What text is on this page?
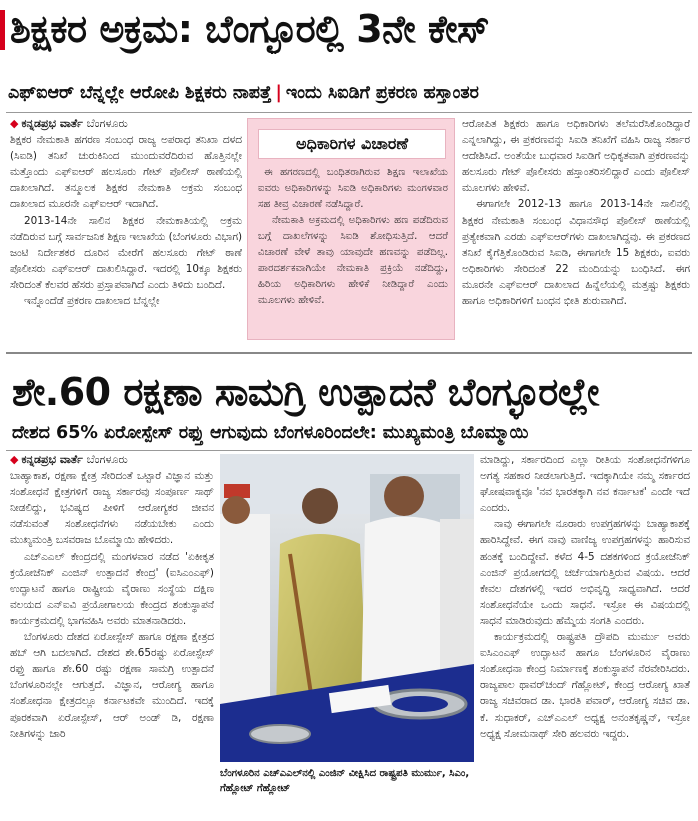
ಶಿಕ್ಷಕರ ಅಕ್ರಮ: ಬೆಂಗ್ಳೂರಲ್ಲಿ 3ನೇ ಕೇಸ್
ಎಫ್‌ಐಆರ್ ಬೆನ್ನಲ್ಲೇ ಆರೋಪಿ ಶಿಕ್ಷಕರು ನಾಪತ್ತೆ | ಇಂದು ಸಿಐಡಿಗೆ ಪ್ರಕರಣ ಹಸ್ತಾಂತರ

◆ ಕನ್ನಡಪ್ರಭ ವಾರ್ತೆ ಬೆಂಗಳೂರು

ಶಿಕ್ಷಕರ ನೇಮಕಾತಿ ಹಗರಣ ಸಂಬಂಧ ರಾಜ್ಯ ಅಪರಾಧ ತನಿಖಾ ದಳದ (ಸಿಐಡಿ) ತನಿಖೆ ಚುರುಕಿನಿಂದ ಮುಂದುವರೆದಿರುವ ಹೊತ್ತಿನಲ್ಲೇ ಮತ್ತೊಂದು ಎಫ್‌ಐಆರ್ ಹಲಸೂರು ಗೇಟ್ ಪೊಲೀಸ್ ಠಾಣೆಯಲ್ಲಿ ದಾಖಲಾಗಿದೆ. ತನ್ಮೂಲಕ ಶಿಕ್ಷಕರ ನೇಮಕಾತಿ ಅಕ್ರಮ ಸಂಬಂಧ ದಾಖಲಾದ ಮೂರನೇ ಎಫ್‌ಐಆರ್ ಇದಾಗಿದೆ.

2013-14ನೇ ಸಾಲಿನ ಶಿಕ್ಷಕರ ನೇಮಕಾತಿಯಲ್ಲಿ ಅಕ್ರಮ ನಡೆದಿರುವ ಬಗ್ಗೆ ಸಾರ್ವಜನಿಕ ಶಿಕ್ಷಣ ಇಲಾಖೆಯ (ಬೆಂಗಳೂರು ವಿಭಾಗ) ಜಂಟಿ ನಿರ್ದೇಶಕರ ದೂರಿನ ಮೇರೆಗೆ ಹಲಸೂರು ಗೇಟ್ ಠಾಣೆ ಪೊಲೀಸರು ಎಫ್‌ಐಆರ್ ದಾಖಲಿಸಿದ್ದಾರೆ. ಇದರಲ್ಲಿ 10ಕ್ಕೂ ಶಿಕ್ಷಕರು ಸೇರಿದಂತೆ ಕೆಲವರ ಹೆಸರು ಪ್ರಸ್ತಾಪವಾಗಿದೆ ಎಂದು ತಿಳಿದು ಬಂದಿದೆ.

ಇನ್ನೊಂದೆಡೆ ಪ್ರಕರಣ ದಾಖಲಾದ ಬೆನ್ನಲ್ಲೇ

ಅಧಿಕಾರಿಗಳ ವಿಚಾರಣೆ

ಈ ಹಗರಣದಲ್ಲಿ ಬಂಧಿತರಾಗಿರುವ ಶಿಕ್ಷಣ ಇಲಾಖೆಯ ಐವರು ಅಧಿಕಾರಿಗಳನ್ನು ಸಿಐಡಿ ಅಧಿಕಾರಿಗಳು ಮಂಗಳವಾರ ಸಹ ತೀವ್ರ ವಿಚಾರಣೆ ನಡೆಸಿದ್ದಾರೆ.

ನೇಮಕಾತಿ ಅಕ್ರಮದಲ್ಲಿ ಅಧಿಕಾರಿಗಳು ಹಣ ಪಡೆದಿರುವ ಬಗ್ಗೆ ದಾಖಲೆಗಳನ್ನು ಸಿಐಡಿ ಶೋಧಿಸುತ್ತಿದೆ. ಆದರೆ ವಿಚಾರಣೆ ವೇಳೆ ತಾವು ಯಾವುದೇ ಹಣವನ್ನು ಪಡೆದಿಲ್ಲ. ಪಾರದರ್ಶಕವಾಗಿಯೇ ನೇಮಕಾತಿ ಪ್ರಕ್ರಿಯೆ ನಡೆದಿದ್ದು, ಹಿರಿಯ ಅಧಿಕಾರಿಗಳು ಹೇಳಿಕೆ ನೀಡಿದ್ದಾರೆ ಎಂದು ಮೂಲಗಳು ಹೇಳಿವೆ.

ಆರೋಪಿತ ಶಿಕ್ಷಕರು ಹಾಗೂ ಅಧಿಕಾರಿಗಳು ತಲೆಮರೆಸಿಕೊಂಡಿದ್ದಾರೆ ಎನ್ನಲಾಗಿದ್ದು, ಈ ಪ್ರಕರಣವನ್ನು ಸಿಐಡಿ ತನಿಖೆಗೆ ವಹಿಸಿ ರಾಜ್ಯ ಸರ್ಕಾರ ಆದೇಶಿಸಿದೆ. ಅಂತೆಯೇ ಬುಧವಾರ ಸಿಐಡಿಗೆ ಅಧಿಕೃತವಾಗಿ ಪ್ರಕರಣವನ್ನು ಹಲಸೂರು ಗೇಟ್ ಪೊಲೀಸರು ಹಸ್ತಾಂತರಿಸಲಿದ್ದಾರೆ ಎಂದು ಪೊಲೀಸ್ ಮೂಲಗಳು ಹೇಳಿವೆ.

ಈಗಾಗಲೇ 2012-13 ಹಾಗೂ 2013-14ನೇ ಸಾಲಿನಲ್ಲಿ ಶಿಕ್ಷಕರ ನೇಮಕಾತಿ ಸಂಬಂಧ ವಿಧಾನಸೌಧ ಪೊಲೀಸ್ ಠಾಣೆಯಲ್ಲಿ ಪ್ರತ್ಯೇಕವಾಗಿ ಎರಡು ಎಫ್‌ಐಆರ್‌ಗಳು ದಾಖಲಾಗಿದ್ದವು. ಈ ಪ್ರಕರಣದ ತನಿಖೆ ಕೈಗೆತ್ತಿಕೊಂಡಿರುವ ಸಿಐಡಿ, ಈಗಾಗಲೇ 15 ಶಿಕ್ಷಕರು, ಐವರು ಅಧಿಕಾರಿಗಳು ಸೇರಿದಂತೆ 22 ಮಂದಿಯನ್ನು ಬಂಧಿಸಿದೆ. ಈಗ ಮೂರನೇ ಎಫ್‌ಐಆರ್ ದಾಖಲಾದ ಹಿನ್ನೆಲೆಯಲ್ಲಿ ಮತ್ತಷ್ಟು ಶಿಕ್ಷಕರು ಹಾಗೂ ಅಧಿಕಾರಿಗಳಿಗೆ ಬಂಧನ ಭೀತಿ ಶುರುವಾಗಿದೆ.

ಶೇ.60 ರಕ್ಷಣಾ ಸಾಮಗ್ರಿ ಉತ್ಪಾದನೆ ಬೆಂಗ್ಳೂರಲ್ಲೇ
ದೇಶದ 65% ಏರೋಸ್ಪೇಸ್ ರಫ್ತು ಆಗುವುದು ಬೆಂಗಳೂರಿಂದಲೇ: ಮುಖ್ಯಮಂತ್ರಿ ಬೊಮ್ಮಾಯಿ

◆ ಕನ್ನಡಪ್ರಭ ವಾರ್ತೆ ಬೆಂಗಳೂರು

ಬಾಹ್ಯಾಕಾಶ, ರಕ್ಷಣಾ ಕ್ಷೇತ್ರ ಸೇರಿದಂತೆ ಒಟ್ಟಾರೆ ವಿಜ್ಞಾನ ಮತ್ತು ಸಂಶೋಧನೆ ಕ್ಷೇತ್ರಗಳಿಗೆ ರಾಜ್ಯ ಸರ್ಕಾರವು ಸಂಪೂರ್ಣ ಸಾಥ್ ನೀಡಲಿದ್ದು, ಭವಿಷ್ಯದ ಪೀಳಿಗೆ ಆರೋಗ್ಯಕರ ಜೀವನ ನಡೆಸುವಂತೆ ಸಂಶೋಧನೆಗಳು ನಡೆಯಬೇಕು ಎಂದು ಮುಖ್ಯಮಂತ್ರಿ ಬಸವರಾಜ ಬೊಮ್ಮಾಯಿ ಹೇಳಿದರು.

ಎಚ್‌ಎಎಲ್ ಕೇಂದ್ರದಲ್ಲಿ ಮಂಗಳವಾರ ನಡೆದ 'ಏಕೀಕೃತ ಕ್ರಯೋಜೆನಿಕ್ ಎಂಜಿನ್ ಉತ್ಪಾದನೆ ಕೇಂದ್ರ' (ಐಸಿಎಂಎಫ್) ಉದ್ಘಾಟನೆ ಹಾಗೂ ರಾಷ್ಟ್ರೀಯ ವೈರಾಣು ಸಂಸ್ಥೆಯ ದಕ್ಷಿಣ ವಲಯದ ಎನ್‌ಐವಿ ಪ್ರಯೋಗಾಲಯ ಕೇಂದ್ರದ ಶಂಕುಸ್ಥಾಪನೆ ಕಾರ್ಯಕ್ರಮದಲ್ಲಿ ಭಾಗವಹಿಸಿ ಅವರು ಮಾತನಾಡಿದರು.

ಬೆಂಗಳೂರು ದೇಶದ ಏರೋಸ್ಪೇಸ್ ಹಾಗೂ ರಕ್ಷಣಾ ಕ್ಷೇತ್ರದ ಹಬ್ ಆಗಿ ಬದಲಾಗಿದೆ. ದೇಶದ ಶೇ.65ರಷ್ಟು ಏರೋಸ್ಪೇಸ್ ರಫ್ತು ಹಾಗೂ ಶೇ.60 ರಷ್ಟು ರಕ್ಷಣಾ ಸಾಮಗ್ರಿ ಉತ್ಪಾದನೆ ಬೆಂಗಳೂರಿನಲ್ಲೇ ಆಗುತ್ತದೆ. ವಿಜ್ಞಾನ, ಆರೋಗ್ಯ ಹಾಗೂ ಸಂಶೋಧನಾ ಕ್ಷೇತ್ರದಲ್ಲೂ ಕರ್ನಾಟಕವೇ ಮುಂದಿದೆ. ಇದಕ್ಕೆ ಪೂರಕವಾಗಿ ಏರೋಸ್ಪೇಸ್, ಆರ್ ಅಂಡ್ ಡಿ, ರಕ್ಷಣಾ ನೀತಿಗಳನ್ನು ಜಾರಿ

ಬೆಂಗಳೂರಿನ ಎಚ್‌ಎಎಲ್‌ನಲ್ಲಿ ಎಂಜಿನ್ ವೀಕ್ಷಿಸಿದ ರಾಷ್ಟ್ರಪತಿ ಮುರ್ಮು, ಸಿಎಂ, ಗೆಹ್ಲೋಟ್ ಗೆಹ್ಲೋಟ್

ಮಾಡಿದ್ದು, ಸರ್ಕಾರದಿಂದ ಎಲ್ಲಾ ರೀತಿಯ ಸಂಶೋಧನೆಗಳಿಗೂ ಅಗತ್ಯ ಸಹಕಾರ ನೀಡಲಾಗುತ್ತಿದೆ. ಇದಕ್ಕಾಗಿಯೇ ನಮ್ಮ ಸರ್ಕಾರದ ಘೋಷವಾಕ್ಯವೂ 'ನವ ಭಾರತಕ್ಕಾಗಿ ನವ ಕರ್ನಾಟಕ' ಎಂದೇ ಇದೆ ಎಂದರು.

ನಾವು ಈಗಾಗಲೇ ನೂರಾರು ಉಪಗ್ರಹಗಳನ್ನು ಬಾಹ್ಯಾಕಾಶಕ್ಕೆ ಹಾರಿಸಿದ್ದೇವೆ. ಈಗ ನಾವು ವಾಣಿಜ್ಯ ಉಪಗ್ರಹಗಳನ್ನು ಹಾರಿಸುವ ಹಂತಕ್ಕೆ ಬಂದಿದ್ದೇವೆ. ಕಳೆದ 4-5 ದಶಕಗಳಿಂದ ಕ್ರಯೋಜೆನಿಕ್ ಎಂಜಿನ್ ಪ್ರಯೋಗದಲ್ಲಿ ಚರ್ಚೆಯಾಗುತ್ತಿರುವ ವಿಷಯ. ಆದರೆ ಕೇವಲ ದೇಶಗಳಲ್ಲಿ ಇದರ ಅಭಿವೃದ್ಧಿ ಸಾಧ್ಯವಾಗಿದೆ. ಆದರೆ ಸಂಶೋಧನೆಯೇ ಒಂದು ಸಾಧನೆ. ಇಸ್ರೋ ಈ ವಿಷಯದಲ್ಲಿ ಸಾಧನೆ ಮಾಡಿರುವುದು ಹೆಮ್ಮೆಯ ಸಂಗತಿ ಎಂದರು.

ಕಾರ್ಯಕ್ರಮದಲ್ಲಿ ರಾಷ್ಟ್ರಪತಿ ದ್ರೌಪದಿ ಮುರ್ಮು ಅವರು ಐಸಿಎಂಎಫ್ ಉದ್ಘಾಟನೆ ಹಾಗೂ ಬೆಂಗಳೂರಿನ ವೈರಾಣು ಸಂಶೋಧನಾ ಕೇಂದ್ರ ನಿರ್ಮಾಣಕ್ಕೆ ಶಂಕುಸ್ಥಾಪನೆ ನೆರವೇರಿಸಿದರು. ರಾಜ್ಯಪಾಲ ಥಾವರ್‌ಚಂದ್ ಗೆಹ್ಲೋಟ್, ಕೇಂದ್ರ ಆರೋಗ್ಯ ಖಾತೆ ರಾಜ್ಯ ಸಚಿವರಾದ ಡಾ. ಭಾರತಿ ಪವಾರ್, ಆರೋಗ್ಯ ಸಚಿವ ಡಾ. ಕೆ. ಸುಧಾಕರ್, ಎಚ್‌ಎಎಲ್ ಅಧ್ಯಕ್ಷ ಅನಂತಕೃಷ್ಣನ್, ಇಸ್ರೋ ಅಧ್ಯಕ್ಷ ಸೋಮನಾಥ್ ಸೇರಿ ಹಲವರು ಇದ್ದರು.
